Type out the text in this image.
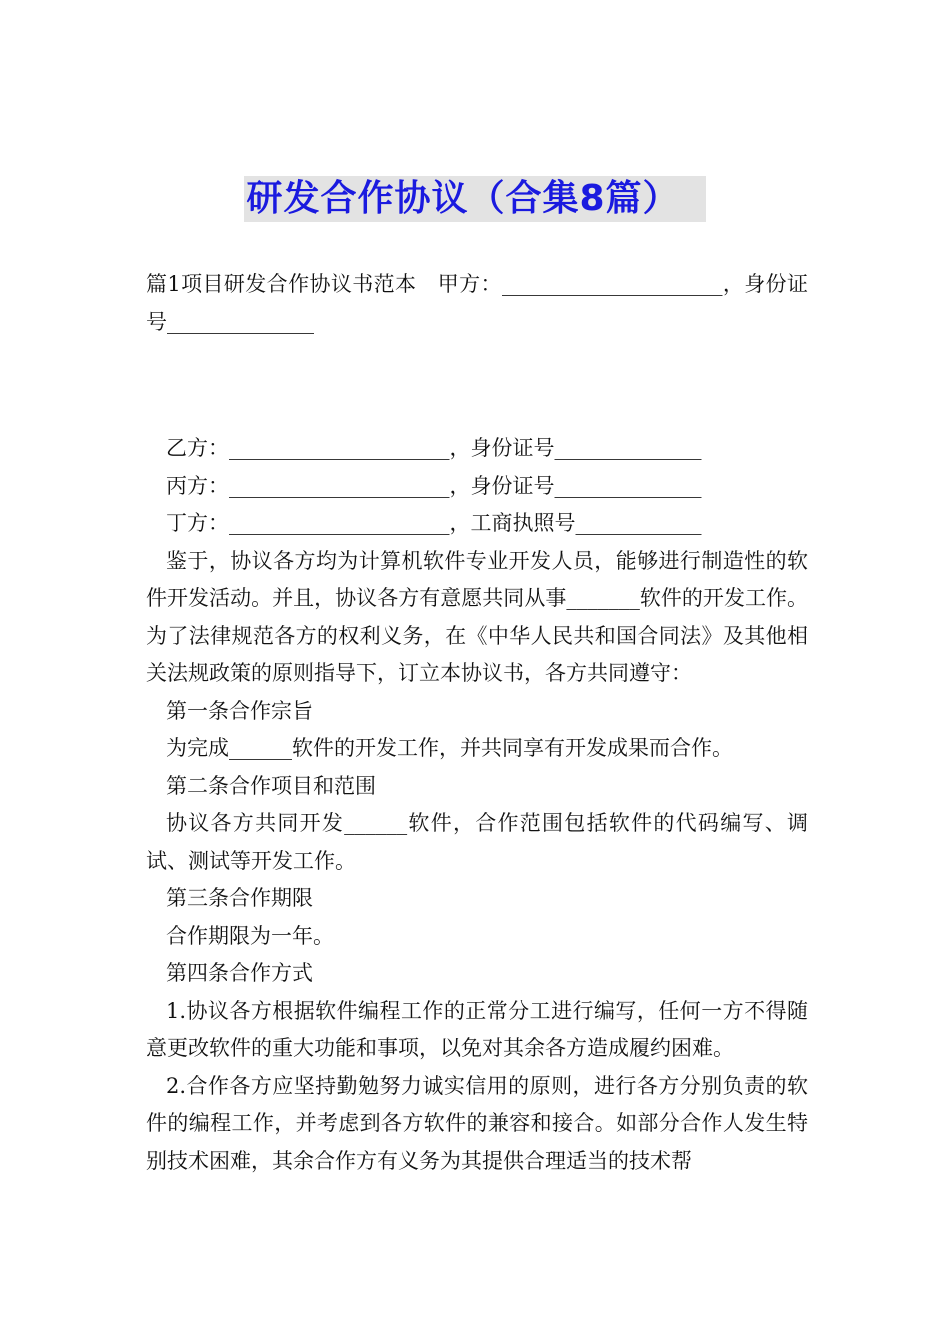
研发合作协议（合集8篇）

篇1项目研发合作协议书范本　甲方：_____________________，身份证号______________

乙方：_____________________，身份证号______________

丙方：_____________________，身份证号______________

丁方：_____________________，工商执照号____________

鉴于，协议各方均为计算机软件专业开发人员，能够进行制造性的软件开发活动。并且，协议各方有意愿共同从事_______软件的开发工作。为了法律规范各方的权利义务，在《中华人民共和国合同法》及其他相关法规政策的原则指导下，订立本协议书，各方共同遵守：

第一条合作宗旨

为完成______软件的开发工作，并共同享有开发成果而合作。

第二条合作项目和范围

协议各方共同开发______软件，合作范围包括软件的代码编写、调试、测试等开发工作。

第三条合作期限

合作期限为一年。

第四条合作方式

1.协议各方根据软件编程工作的正常分工进行编写，任何一方不得随意更改软件的重大功能和事项，以免对其余各方造成履约困难。

2.合作各方应坚持勤勉努力诚实信用的原则，进行各方分别负责的软件的编程工作，并考虑到各方软件的兼容和接合。如部分合作人发生特别技术困难，其余合作方有义务为其提供合理适当的技术帮
